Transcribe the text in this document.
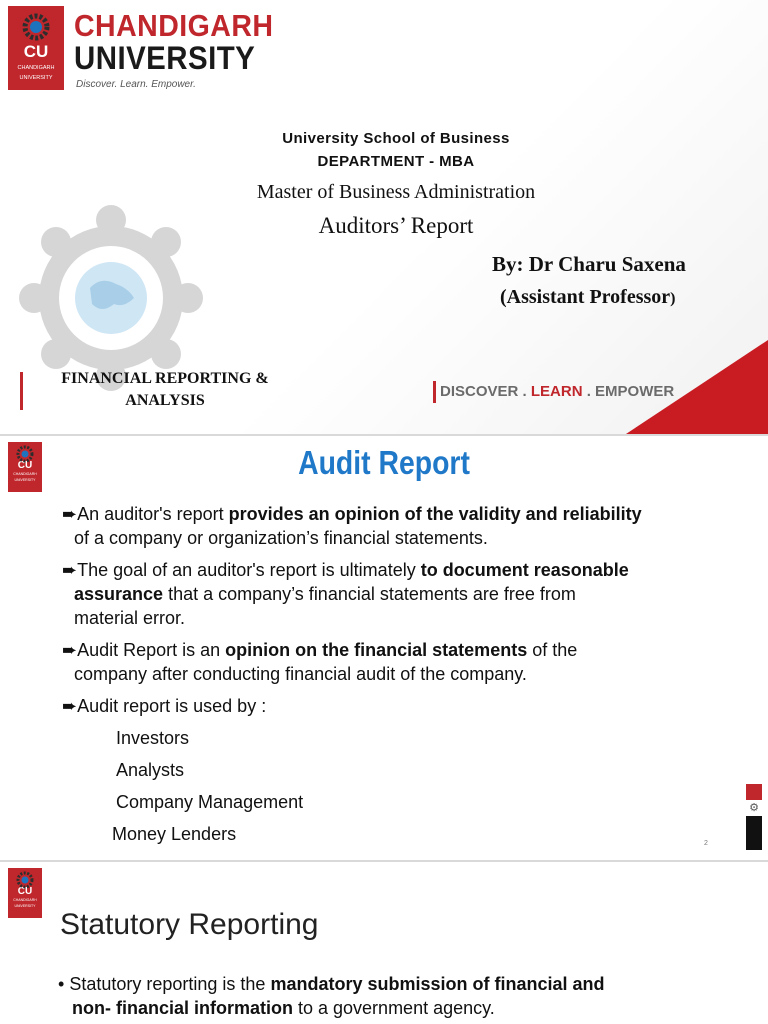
CU
CHANDIGARH
UNIVERSITY
CHANDIGARH
UNIVERSITY
Discover. Learn. Empower.
University School of Business
DEPARTMENT - MBA
Master of Business Administration
Auditors’ Report
By: Dr Charu Saxena
(Assistant Professor)
FINANCIAL REPORTING &
ANALYSIS
DISCOVER . LEARN . EMPOWER
CU
CHANDIGARH
UNIVERSITY	Audit Report
➨An auditor's report provides an opinion of the validity and reliability
of a company or organization’s financial statements.
➨The goal of an auditor's report is ultimately to document reasonable
assurance that a company’s financial statements are free from
material error.
➨Audit Report is an opinion on the financial statements of the
company after conducting financial audit of the company.
➨Audit report is used by :
Investors
Analysts
Company Management
Money Lenders	2
⚙
CU
CHANDIGARH
UNIVERSITY
Statutory Reporting
• Statutory reporting is the mandatory submission of financial and
non- financial information to a government agency.
